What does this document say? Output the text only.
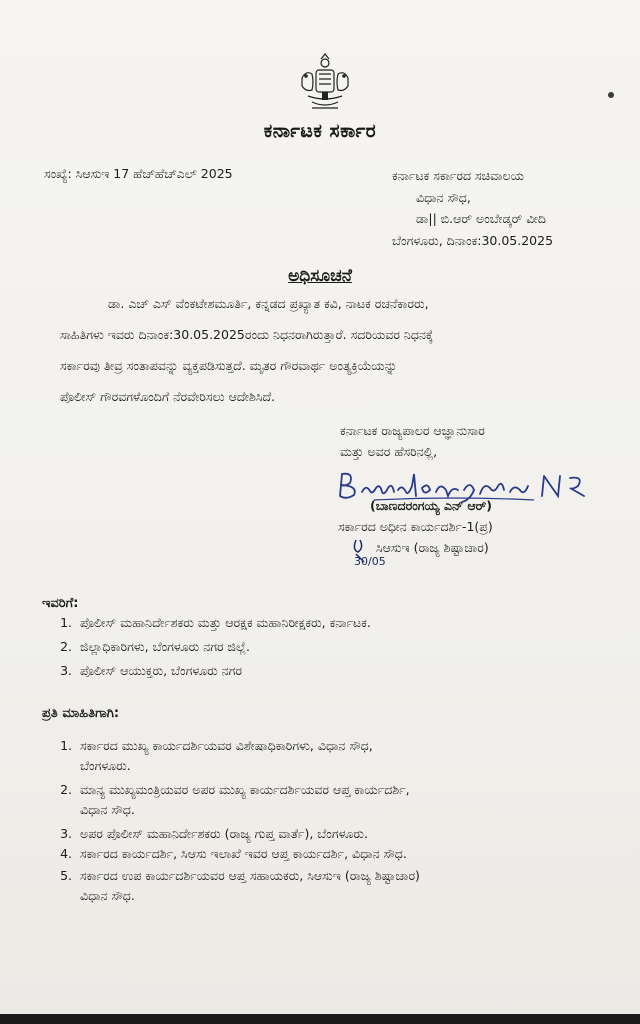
ಕರ್ನಾಟಕ ಸರ್ಕಾರ
ಸಂಖ್ಯೆ: ಸಿಆಸುಇ 17 ಹೆಚ್‌ಹೆಚ್‌ಎಲ್ 2025	ಕರ್ನಾಟಕ ಸರ್ಕಾರದ ಸಚಿವಾಲಯ
ವಿಧಾನ ಸೌಧ,
ಡಾ|| ಬಿ.ಆರ್ ಅಂಬೇಡ್ಕರ್ ವೀದಿ
ಬೆಂಗಳೂರು, ದಿನಾಂಕ:30.05.2025
ಅಧಿಸೂಚನೆ
ಡಾ. ಎಚ್ ಎಸ್ ವೆಂಕಟೇಶಮೂರ್ತಿ, ಕನ್ನಡದ ಪ್ರಖ್ಯಾತ ಕವಿ, ನಾಟಕ ರಚನೆಕಾರರು,
ಸಾಹಿತಿಗಳು ಇವರು ದಿನಾಂಕ:30.05.2025ರಂದು ನಿಧನರಾಗಿರುತ್ತಾರೆ. ಸದರಿಯವರ ನಿಧನಕ್ಕೆ
ಸರ್ಕಾರವು ತೀವ್ರ ಸಂತಾಪವನ್ನು ವ್ಯಕ್ತಪಡಿಸುತ್ತದೆ. ಮೃತರ ಗೌರವಾರ್ಥ ಅಂತ್ಯಕ್ರಿಯೆಯನ್ನು
ಪೊಲೀಸ್ ಗೌರವಗಳೊಂದಿಗೆ ನೆರವೇರಿಸಲು ಆದೇಶಿಸಿದೆ.
ಕರ್ನಾಟಕ ರಾಜ್ಯಪಾಲರ ಆಜ್ಞಾನುಸಾರ
ಮತ್ತು ಅವರ ಹೆಸರಿನಲ್ಲಿ,
(ಬಾಣದರಂಗಯ್ಯ ಎನ್ ಆರ್)
ಸರ್ಕಾರದ ಅಧೀನ ಕಾರ್ಯದರ್ಶಿ-1(ಪ್ರ)
ಸಿಆಸುಇ (ರಾಜ್ಯ ಶಿಷ್ಟಾಚಾರ)
30/05
ಇವರಿಗೆ:
1. ಪೊಲೀಸ್ ಮಹಾನಿರ್ದೇಶಕರು ಮತ್ತು ಆರಕ್ಷಕ ಮಹಾನಿರೀಕ್ಷಕರು, ಕರ್ನಾಟಕ.
2. ಜಿಲ್ಲಾಧಿಕಾರಿಗಳು, ಬೆಂಗಳೂರು ನಗರ ಜಿಲ್ಲೆ.
3. ಪೊಲೀಸ್ ಆಯುಕ್ತರು, ಬೆಂಗಳೂರು ನಗರ
ಪ್ರತಿ ಮಾಹಿತಿಗಾಗಿ:
1. ಸರ್ಕಾರದ ಮುಖ್ಯ ಕಾರ್ಯದರ್ಶಿಯವರ ವಿಶೇಷಾಧಿಕಾರಿಗಳು, ವಿಧಾನ ಸೌಧ,
ಬೆಂಗಳೂರು.
2. ಮಾನ್ಯ ಮುಖ್ಯಮಂತ್ರಿಯವರ ಅಪರ ಮುಖ್ಯ ಕಾರ್ಯದರ್ಶಿಯವರ ಆಪ್ತ ಕಾರ್ಯದರ್ಶಿ,
ವಿಧಾನ ಸೌಧ.
3. ಅಪರ ಪೊಲೀಸ್ ಮಹಾನಿರ್ದೇಶಕರು (ರಾಜ್ಯ ಗುಪ್ತ ವಾರ್ತೆ), ಬೆಂಗಳೂರು.
4. ಸರ್ಕಾರದ ಕಾರ್ಯದರ್ಶಿ, ಸಿಆಸು ಇಲಾಖೆ ಇವರ ಆಪ್ತ ಕಾರ್ಯದರ್ಶಿ, ವಿಧಾನ ಸೌಧ.
5. ಸರ್ಕಾರದ ಉಪ ಕಾರ್ಯದರ್ಶಿಯವರ ಆಪ್ತ ಸಹಾಯಕರು, ಸಿಆಸುಇ (ರಾಜ್ಯ ಶಿಷ್ಟಾಚಾರ)
ವಿಧಾನ ಸೌಧ.
